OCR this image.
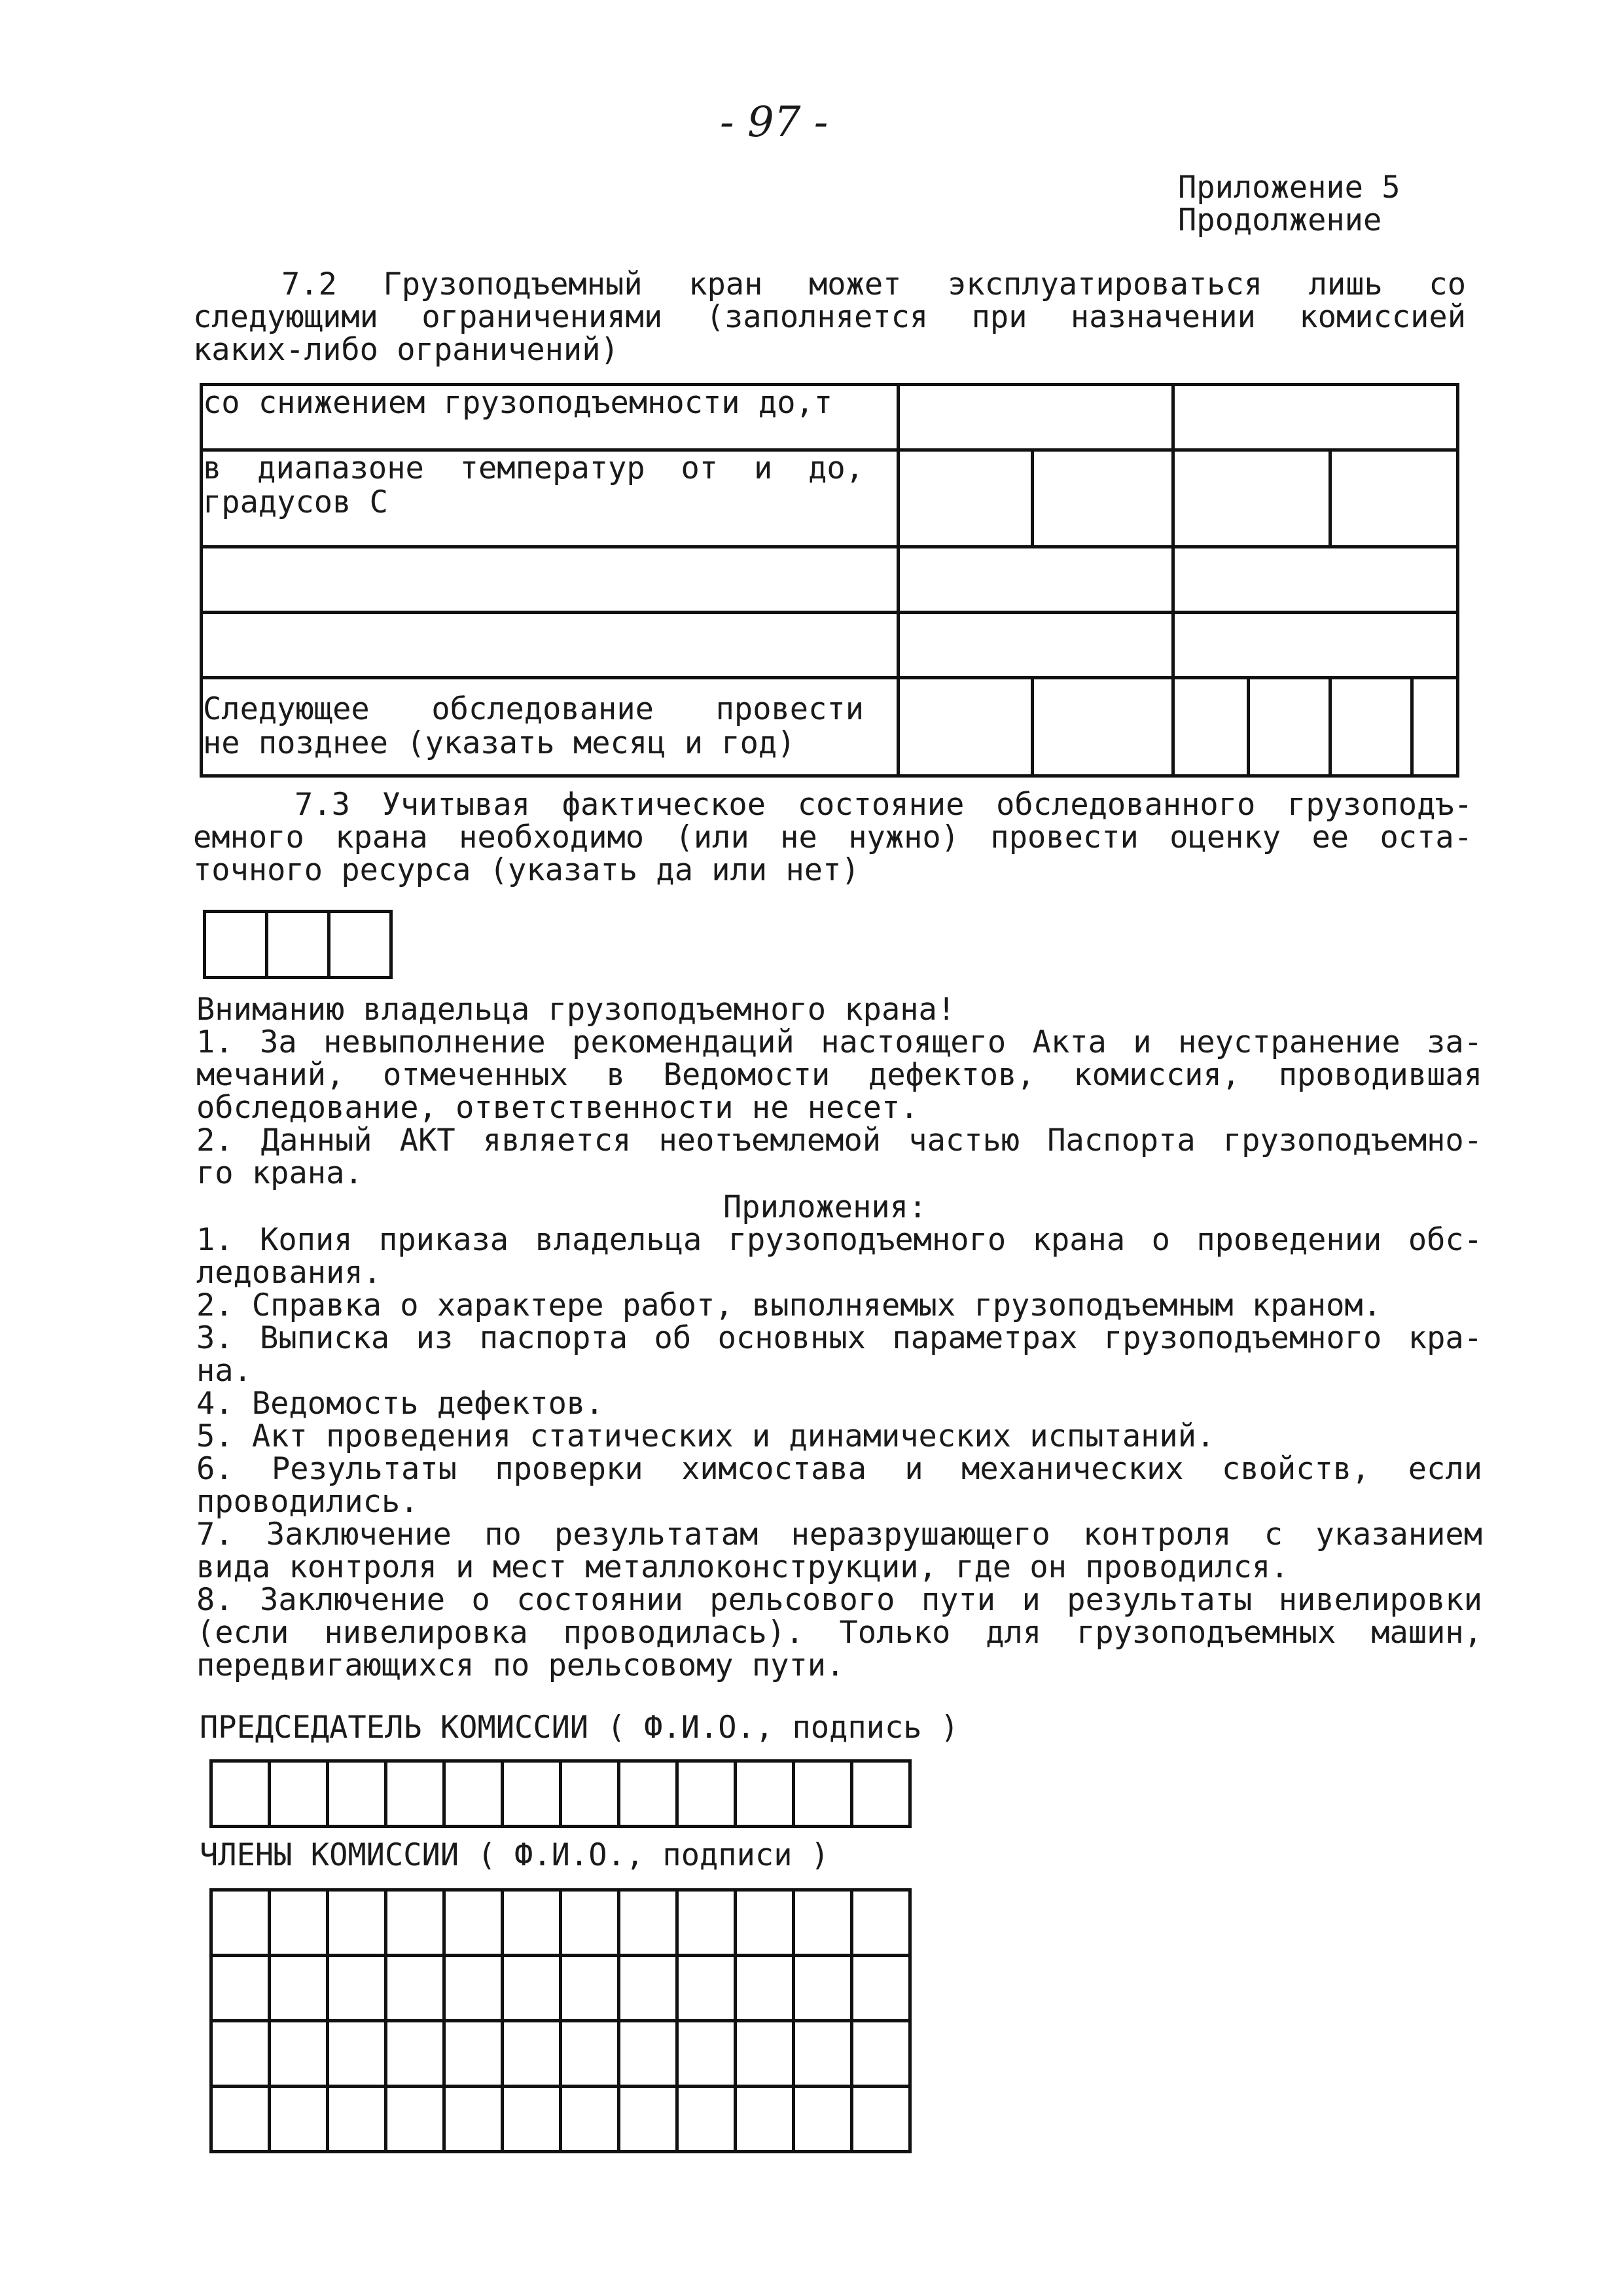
- 97 -
Приложение 5
Продолжение
7.2 Грузоподъемный кран может эксплуатироваться лишь со
следующими ограничениями (заполняется при назначении комиссией
каких-либо ограничений)
со снижением грузоподъемности до,т						

в диапазоне температур от и до,
градусов С						

Следующее обследование провести
не позднее (указать месяц и год)						

7.3 Учитывая фактическое состояние обследованного грузоподъ-
емного крана необходимо (или не нужно) провести оценку ее оста-
точного ресурса (указать да или нет)
Вниманию владельца грузоподъемного крана!
1. За невыполнение рекомендаций настоящего Акта и неустранение за-
мечаний, отмеченных в Ведомости дефектов, комиссия, проводившая
обследование, ответственности не несет.
2. Данный АКТ является неотъемлемой частью Паспорта грузоподъемно-
го крана.
Приложения:
1. Копия приказа владельца грузоподъемного крана о проведении обс-
ледования.
2. Справка о характере работ, выполняемых грузоподъемным краном.
3. Выписка из паспорта об основных параметрах грузоподъемного кра-
на.
4. Ведомость дефектов.
5. Акт проведения статических и динамических испытаний.
6. Результаты проверки химсостава и механических свойств, если
проводились.
7. Заключение по результатам неразрушающего контроля с указанием
вида контроля и мест металлоконструкции, где он проводился.
8. Заключение о состоянии рельсового пути и результаты нивелировки
(если нивелировка проводилась). Только для грузоподъемных машин,
передвигающихся по рельсовому пути.
ПРЕДСЕДАТЕЛЬ КОМИССИИ ( Ф.И.О., подпись )

ЧЛЕНЫ КОМИССИИ ( Ф.И.О., подписи )
